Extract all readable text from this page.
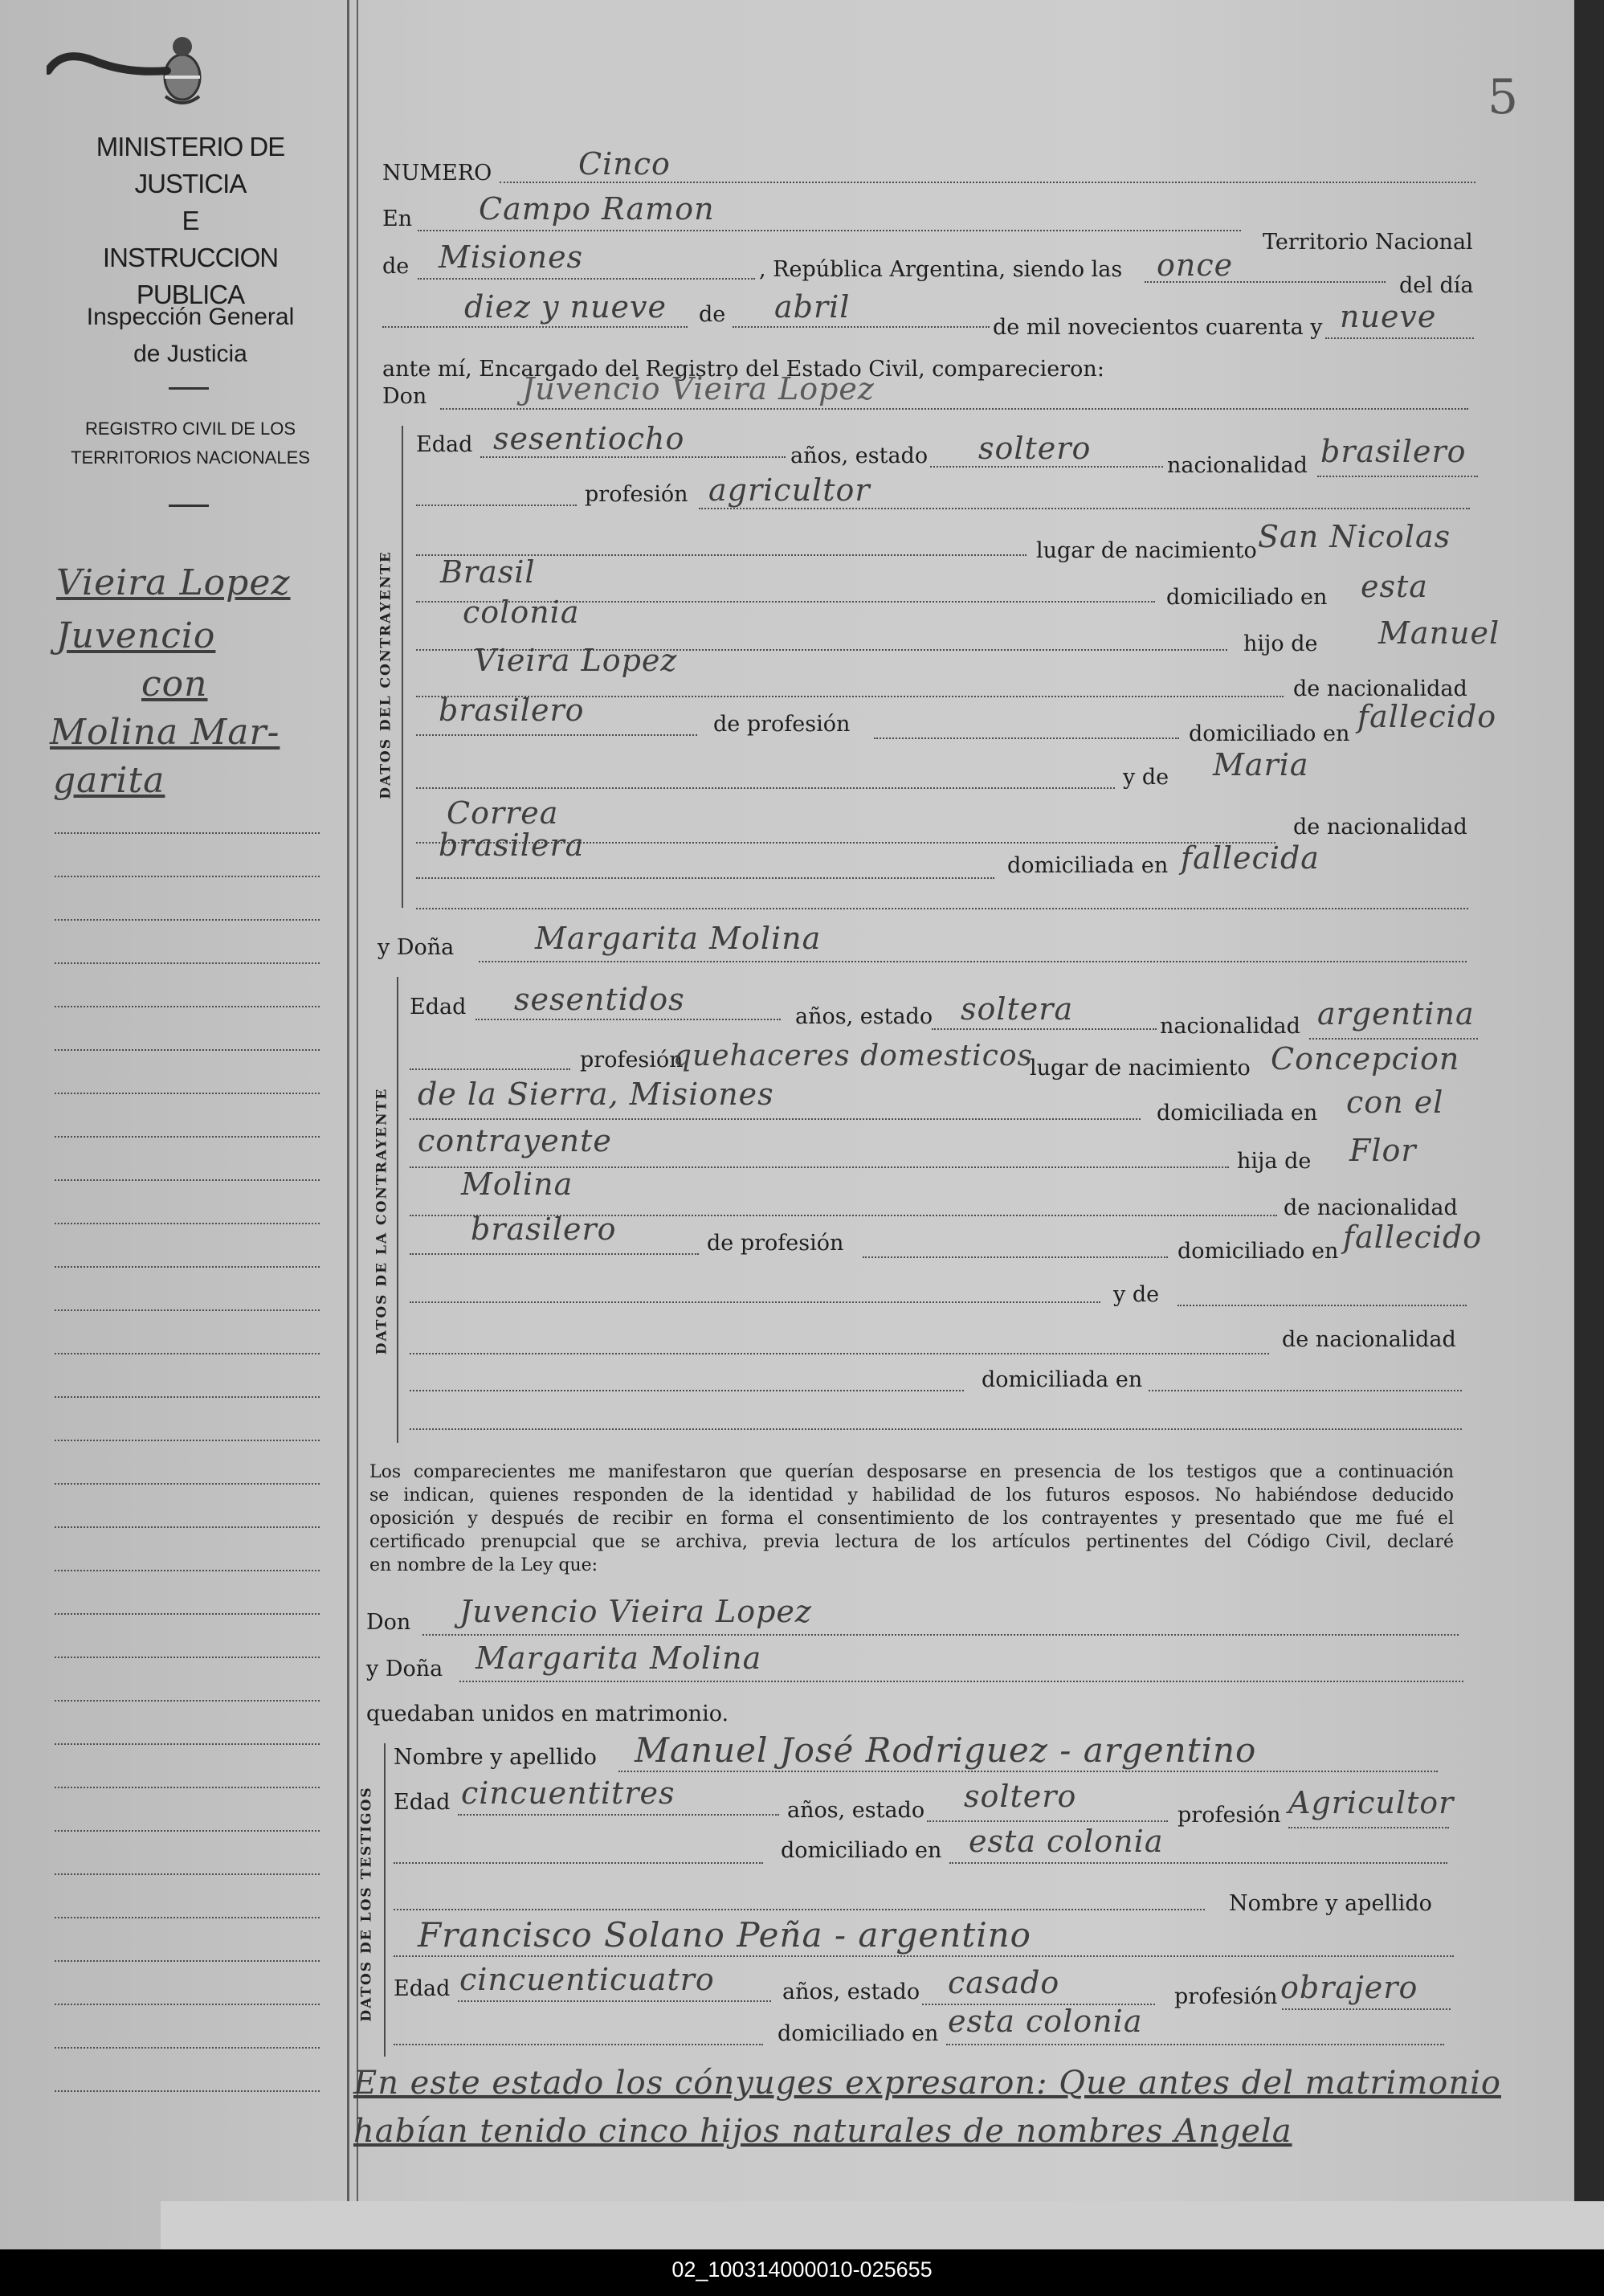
02_100314000010-025655
5
MINISTERIO DE JUSTICIA
E
INSTRUCCION PUBLICA
Inspección General
de Justicia
REGISTRO CIVIL DE LOS
TERRITORIOS NACIONALES
Vieira Lopez
Juvencio
con
Molina Mar-
garita
NUMERO	Cinco
En Campo Ramon
Territorio Nacional
de Misiones	, República Argentina, siendo las once
del día
diez y nueve de abril
de mil novecientos cuarenta y nueve
ante mí, Encargado del Registro del Estado Civil, comparecieron:
Don	Juvencio Vieira Lopez
DATOS DEL CONTRAYENTE
Edad sesentiocho	años, estado soltero	nacionalidad brasilero
profesión agricultor
lugar de nacimiento San Nicolas
Brasil
domiciliado en esta
colonia
hijo de Manuel
Vieira Lopez
de nacionalidad
brasilero	de profesión	domiciliado en fallecido
y de Maria
Correa	de nacionalidad
brasilera
domiciliada en fallecida
y Doña	Margarita Molina
DATOS DE LA CONTRAYENTE
Edad sesentidos	años, estado soltera	nacionalidad argentina
profesión
quehaceres domesticos
lugar de nacimiento Concepcion
de la Sierra, Misiones
domiciliada en con el
contrayente
hija de Flor
Molina
de nacionalidad
brasilero	de profesión	domiciliado en fallecido
y de
de nacionalidad
domiciliada en
Los comparecientes me manifestaron que querían desposarse en presencia de los testigos que a continuación
se indican, quienes responden de la identidad y habilidad de los futuros esposos. No habiéndose deducido
oposición y después de recibir en forma el consentimiento de los contrayentes y presentado que me fué el
certificado prenupcial que se archiva, previa lectura de los artículos pertinentes del Código Civil, declaré
en nombre de la Ley que:
Don Juvencio Vieira Lopez
y Doña Margarita Molina
quedaban unidos en matrimonio.
DATOS DE LOS TESTIGOS
Nombre y apellido Manuel José Rodriguez - argentino
Edad cincuentitres	años, estado soltero
profesión Agricultor
domiciliado en esta colonia
Nombre y apellido
Francisco Solano Peña - argentino
Edad cincuenticuatro	años, estado casado	profesión obrajero
domiciliado en esta colonia
En este estado los cónyuges expresaron: Que antes del matrimonio
habían tenido cinco hijos naturales de nombres Angela
